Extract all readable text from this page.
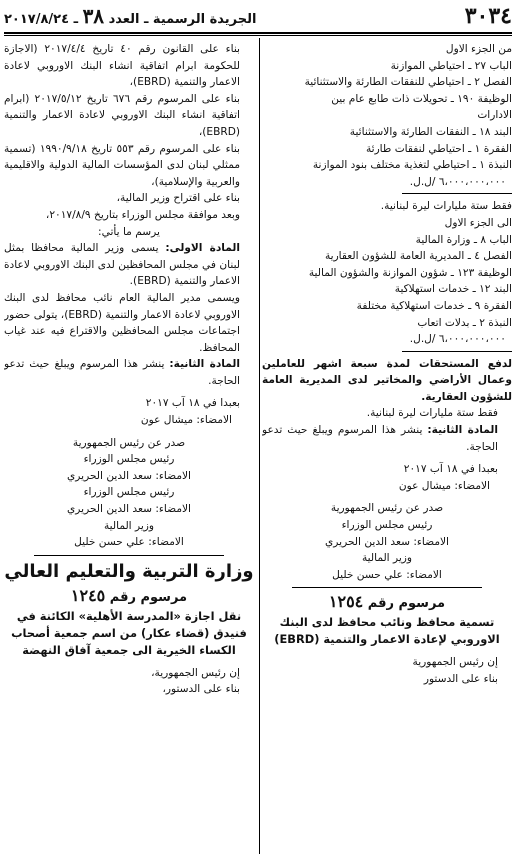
٣٠٣٤
الجريدة الرسمية ـ العدد ٣٨ ـ ٢٠١٧/٨/٢٤
من الجزء الاول
الباب ٢٧ ـ احتياطي الموازنة
الفصل ٢ ـ احتياطي للنفقات الطارئة والاستثنائية
الوظيفة ١٩٠ ـ تحويلات ذات طابع عام بين
الادارات
البند ١٨ ـ النفقات الطارئة والاستثنائية
الفقرة ١ ـ احتياطي لنفقات طارئة
النبذة ١ ـ احتياطي لتغذية مختلف بنود الموازنة
٦،٠٠٠،٠٠٠،٠٠٠ /ل.ل.
فقط ستة مليارات ليرة لبنانية.
الى الجزء الاول
الباب ٨ ـ وزارة المالية
الفصل ٤ ـ المديرية العامة للشؤون العقارية
الوظيفة ١٢٣ ـ شؤون الموازنة والشؤون المالية
البند ١٢ ـ خدمات استهلاكية
الفقرة ٩ ـ خدمات استهلاكية مختلفة
النبذة ٢ ـ بدلات اتعاب
٦،٠٠٠،٠٠٠،٠٠٠ /ل.ل.
لدفع المستحقات لمدة سبعة اشهر للعاملين وعمال الأراضي والمخاتير لدى المديرية العامة للشؤون العقارية.
فقط ستة مليارات ليرة لبنانية.
المادة الثانية: ينشر هذا المرسوم ويبلغ حيث تدعو الحاجة.
بعبدا في ١٨ آب ٢٠١٧
الامضاء: ميشال عون
صدر عن رئيس الجمهورية
رئيس مجلس الوزراء
الامضاء: سعد الدين الحريري
وزير المالية
الامضاء: علي حسن خليل
مرسوم رقم ١٢٥٤
تسمية محافظ ونائب محافظ لدى البنك الاوروبي لإعادة الاعمار والتنمية (EBRD)
إن رئيس الجمهورية
بناء على الدستور
بناء على القانون رقم ٤٠ تاريخ ٢٠١٧/٤/٤ (الاجازة للحكومة ابرام اتفاقية انشاء البنك الاوروبي لاعادة الاعمار والتنمية (EBRD)،
بناء على المرسوم رقم ٦٧٦ تاريخ ٢٠١٧/٥/١٢ (ابرام اتفاقية انشاء البنك الاوروبي لاعادة الاعمار والتنمية (EBRD)،
بناء على المرسوم رقم ٥٥٣ تاريخ ١٩٩٠/٩/١٨ (تسمية ممثلي لبنان لدى المؤسسات المالية الدولية والاقليمية والعربية والإسلامية)،
بناء على اقتراح وزير المالية،
وبعد موافقة مجلس الوزراء بتاريخ ٢٠١٧/٨/٩،
يرسم ما يأتي:
المادة الاولى: يسمى وزير المالية محافظا بمثل لبنان في مجلس المحافظين لدى البنك الاوروبي لاعادة الاعمار والتنمية (EBRD).
ويسمى مدير المالية العام نائب محافظ لدى البنك الاوروبي لاعادة الاعمار والتنمية (EBRD)، يتولى حضور اجتماعات مجلس المحافظين والاقتراع فيه عند غياب المحافظ.
المادة الثانية: ينشر هذا المرسوم ويبلغ حيث تدعو الحاجة.
بعبدا في ١٨ آب ٢٠١٧
الامضاء: ميشال عون
صدر عن رئيس الجمهورية
رئيس مجلس الوزراء
الامضاء: سعد الدين الحريري
رئيس مجلس الوزراء
الامضاء: سعد الدين الحريري
وزير المالية
الامضاء: علي حسن خليل
وزارة التربية والتعليم العالي
مرسوم رقم ١٢٤٥
نقل اجازة «المدرسة الأهلية» الكائنة في فنيدق (قضاء عكار) من اسم جمعية أصحاب الكساء الخيرية الى جمعية آفاق النهضة
إن رئيس الجمهورية،
بناء على الدستور،
